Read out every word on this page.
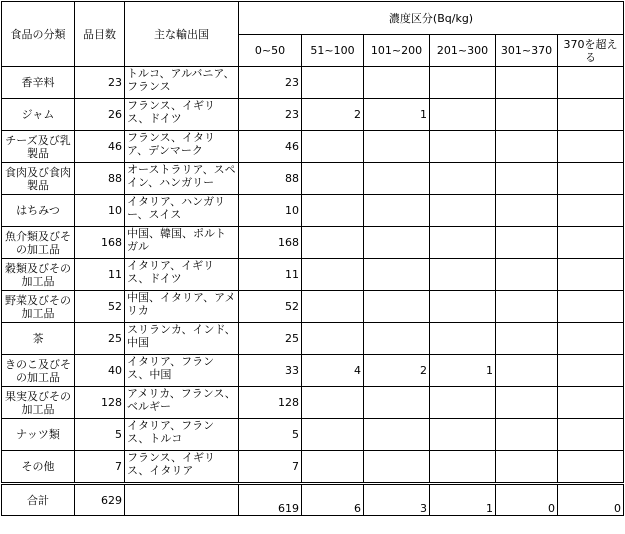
食品の分類	品目数	主な輸出国	濃度区分(Bq/kg)					
			0~50	51~100	101~200	201~300	301~370	370を超える
香辛料	23	トルコ、アルバニア、フランス	23					
ジャム	26	フランス、イギリス、ドイツ	23	2	1			
チーズ及び乳製品	46	フランス、イタリア、デンマーク	46					
食肉及び食肉製品	88	オーストラリア、スペイン、ハンガリー	88					
はちみつ	10	イタリア、ハンガリー、スイス	10					
魚介類及びその加工品	168	中国、韓国、ポルトガル	168					
穀類及びその加工品	11	イタリア、イギリス、ドイツ	11					
野菜及びその加工品	52	中国、イタリア、アメリカ	52					
茶	25	スリランカ、インド、中国	25					
きのこ及びその加工品	40	イタリア、フランス、中国	33	4	2	1		
果実及びその加工品	128	アメリカ、フランス、ベルギー	128					
ナッツ類	5	イタリア、フランス、トルコ	5					
その他	7	フランス、イギリス、イタリア	7					
合計	629		619	6	3	1	0	0
